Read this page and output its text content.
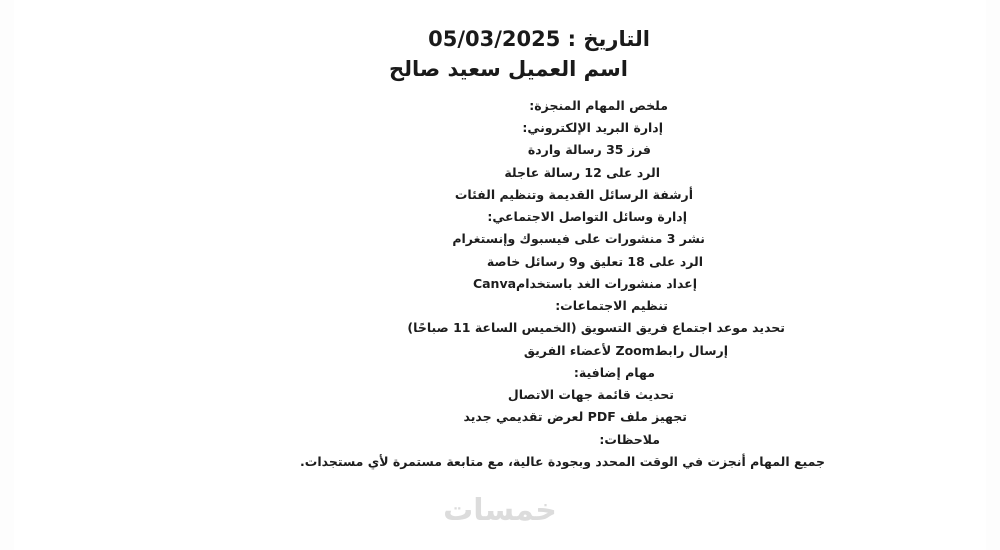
التاريخ : 05/03/2025
اسم العميل سعيد صالح
ملخص المهام المنجزة:
إدارة البريد الإلكتروني:
فرز 35 رسالة واردة
الرد على 12 رسالة عاجلة
أرشفة الرسائل القديمة وتنظيم الفئات
إدارة وسائل التواصل الاجتماعي:
نشر 3 منشورات على فيسبوك وإنستغرام
الرد على 18 تعليق و9 رسائل خاصة
إعداد منشورات الغد باستخدامCanva
تنظيم الاجتماعات:
تحديد موعد اجتماع فريق التسويق (الخميس الساعة 11 صباحًا)
إرسال رابطZoom لأعضاء الفريق
مهام إضافية:
تحديث قائمة جهات الاتصال
تجهيز ملف PDF لعرض تقديمي جديد
ملاحظات:
جميع المهام أنجزت في الوقت المحدد وبجودة عالية، مع متابعة مستمرة لأي مستجدات.
خمسات
